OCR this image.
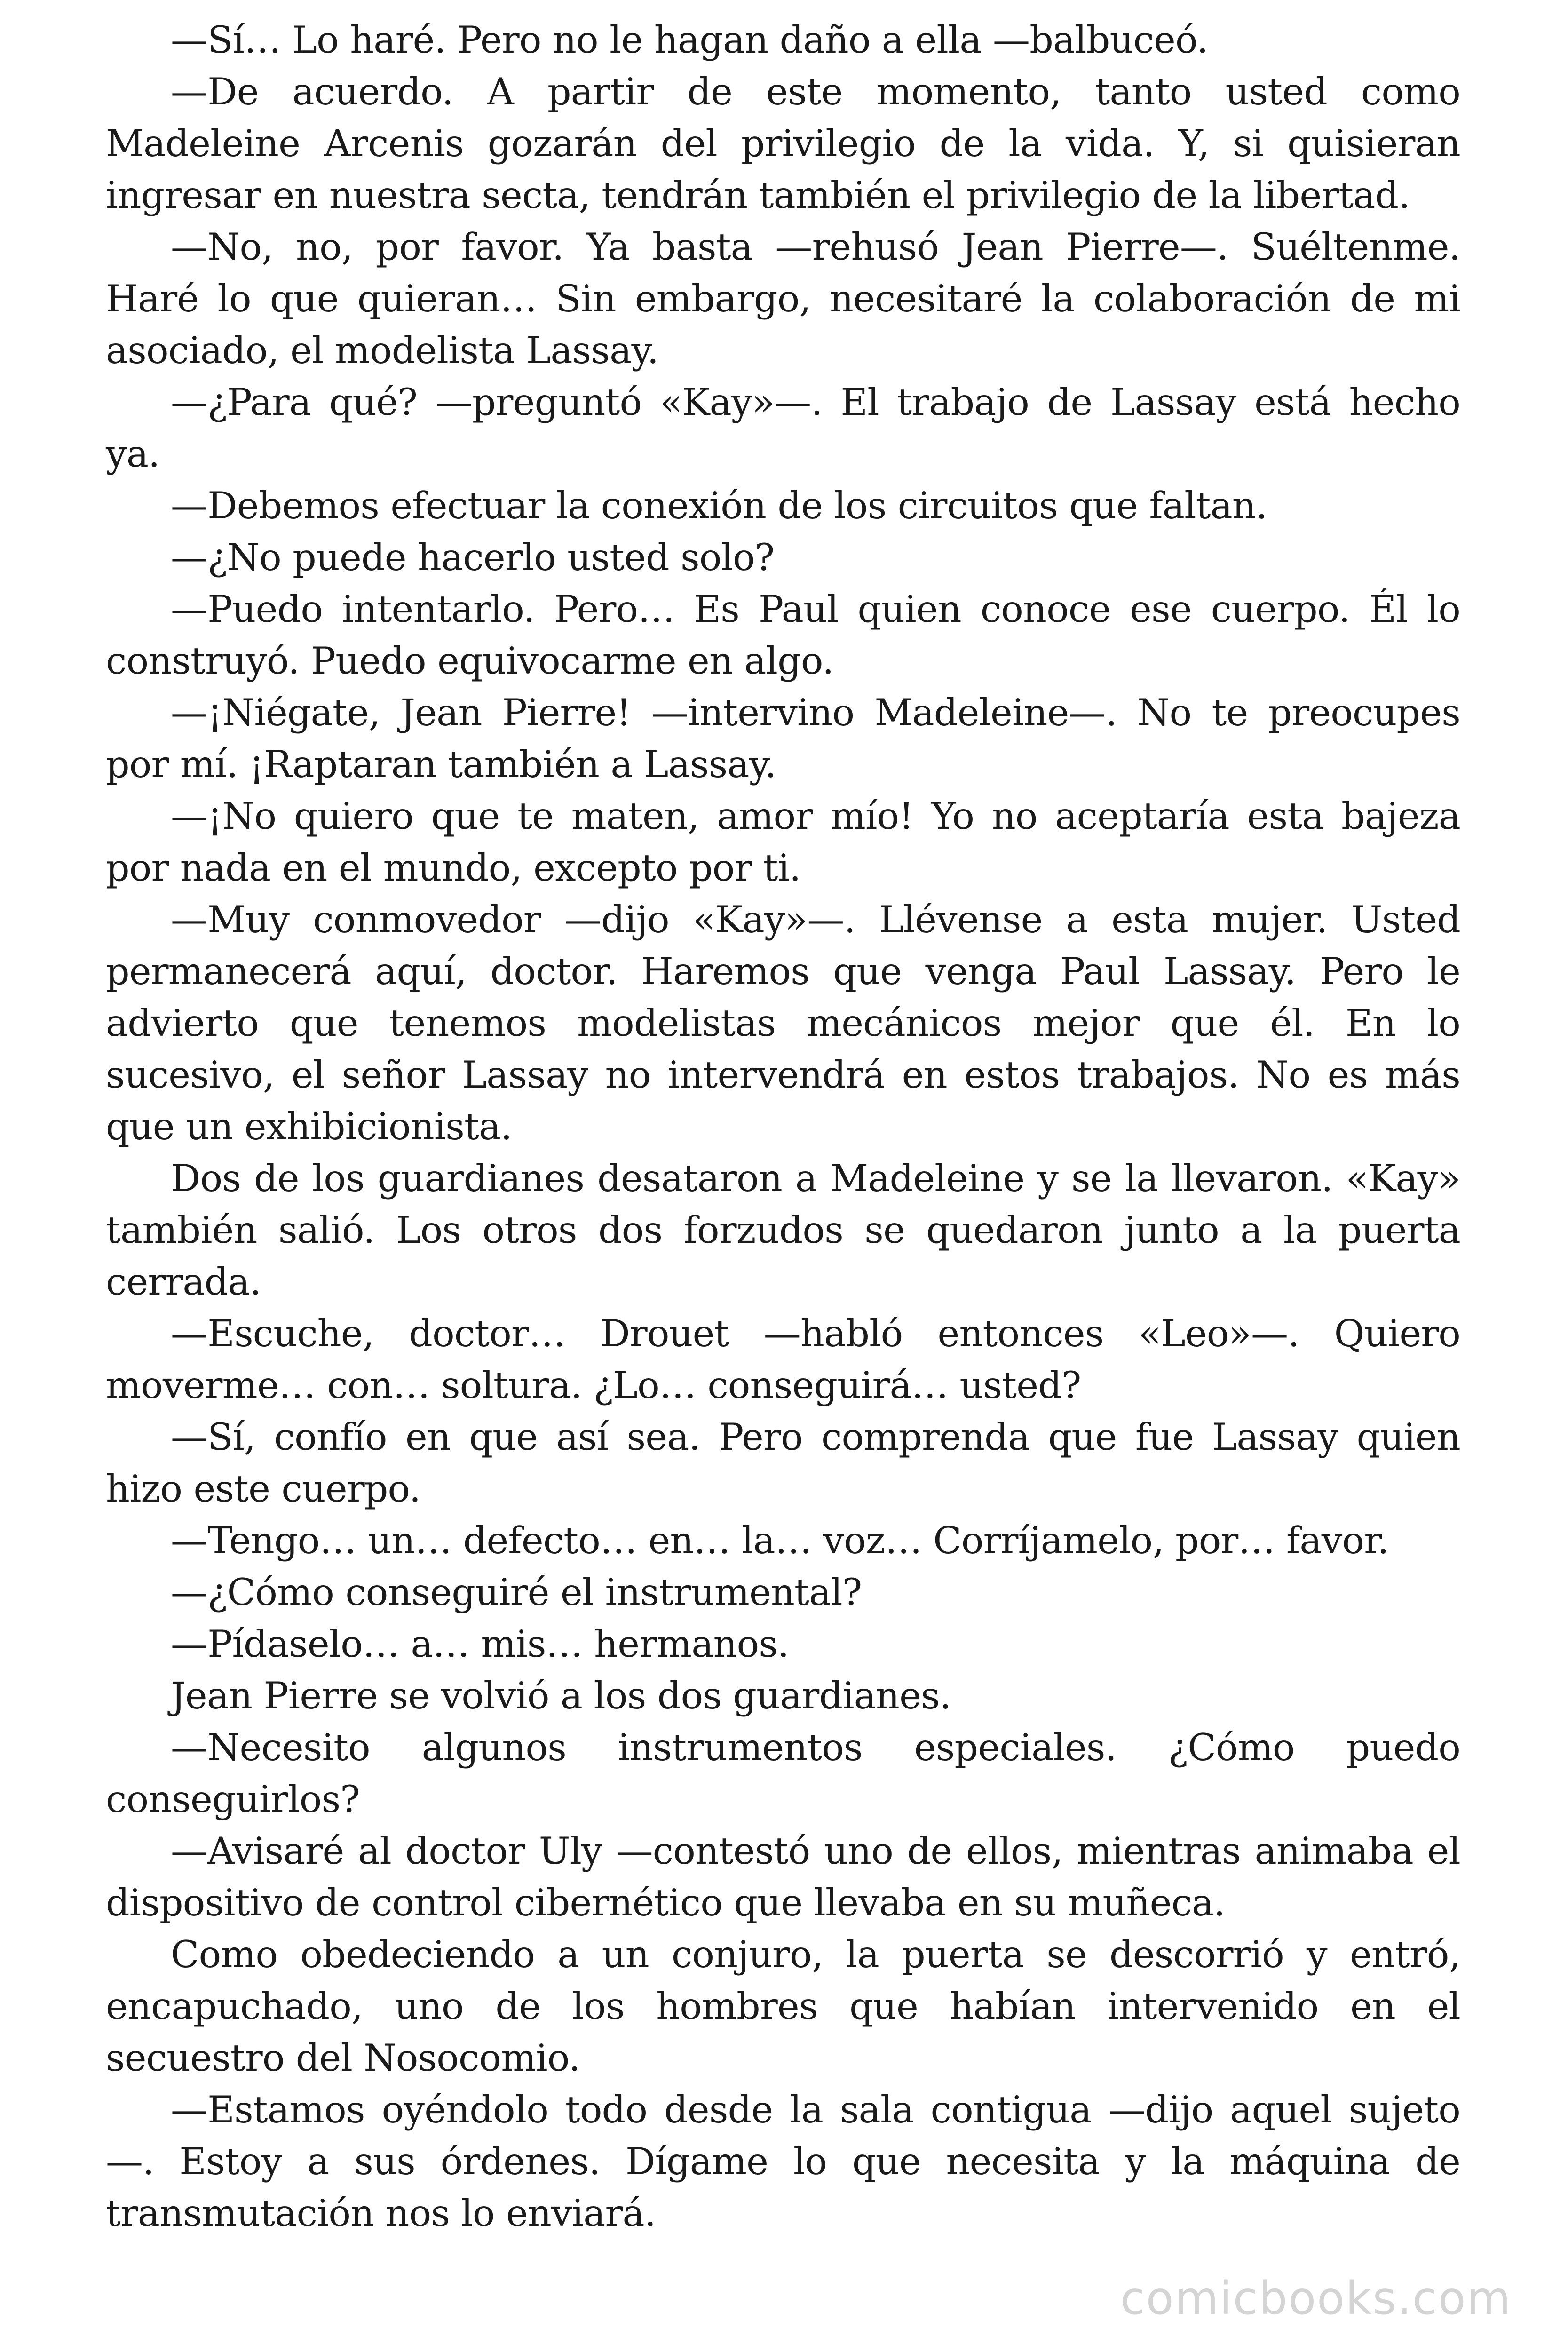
—Sí… Lo haré. Pero no le hagan daño a ella —balbuceó.

—De acuerdo. A partir de este momento, tanto usted como Madeleine Arcenis gozarán del privilegio de la vida. Y, si quisieran ingresar en nuestra secta, tendrán también el privilegio de la libertad.

—No, no, por favor. Ya basta —rehusó Jean Pierre—. Suéltenme. Haré lo que quieran… Sin embargo, necesitaré la colaboración de mi asociado, el modelista Lassay.

—¿Para qué? —preguntó «Kay»—. El trabajo de Lassay está hecho ya.

—Debemos efectuar la conexión de los circuitos que faltan.

—¿No puede hacerlo usted solo?

—Puedo intentarlo. Pero… Es Paul quien conoce ese cuerpo. Él lo construyó. Puedo equivocarme en algo.

—¡Niégate, Jean Pierre! —intervino Madeleine—. No te preocupes por mí. ¡Raptaran también a Lassay.

—¡No quiero que te maten, amor mío! Yo no aceptaría esta bajeza por nada en el mundo, excepto por ti.

—Muy conmovedor —dijo «Kay»—. Llévense a esta mujer. Usted permanecerá aquí, doctor. Haremos que venga Paul Lassay. Pero le advierto que tenemos modelistas mecánicos mejor que él. En lo sucesivo, el señor Lassay no intervendrá en estos trabajos. No es más que un exhibicionista.

Dos de los guardianes desataron a Madeleine y se la llevaron. «Kay» también salió. Los otros dos forzudos se quedaron junto a la puerta cerrada.

—Escuche, doctor… Drouet —habló entonces «Leo»—. Quiero moverme… con… soltura. ¿Lo… conseguirá… usted?

—Sí, confío en que así sea. Pero comprenda que fue Lassay quien hizo este cuerpo.

—Tengo… un… defecto… en… la… voz… Corríjamelo, por… favor.

—¿Cómo conseguiré el instrumental?

—Pídaselo… a… mis… hermanos.

Jean Pierre se volvió a los dos guardianes.

—Necesito algunos instrumentos especiales. ¿Cómo puedo conseguirlos?

—Avisaré al doctor Uly —contestó uno de ellos, mientras animaba el dispositivo de control cibernético que llevaba en su muñeca.

Como obedeciendo a un conjuro, la puerta se descorrió y entró, encapuchado, uno de los hombres que habían intervenido en el secuestro del Nosocomio.

—Estamos oyéndolo todo desde la sala contigua —dijo aquel sujeto —. Estoy a sus órdenes. Dígame lo que necesita y la máquina de transmutación nos lo enviará.

comicbooks.com
